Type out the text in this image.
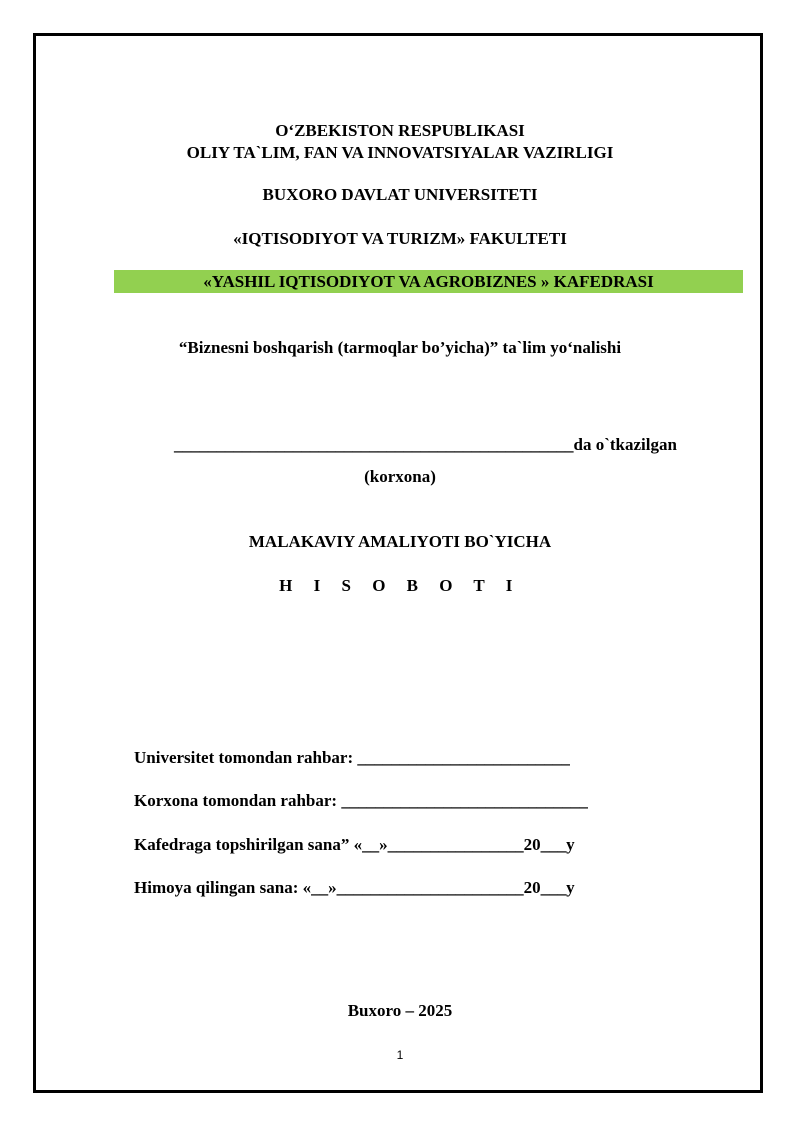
O‘ZBEKISTON RESPUBLIKASI
OLIY TA`LIM, FAN VA INNOVATSIYALAR VAZIRLIGI
BUXORO DAVLAT UNIVERSITETI
«IQTISODIYOT VA TURIZM» FAKULTETI
«YASHIL IQTISODIYOT VA AGROBIZNES » KAFEDRASI
“Biznesni boshqarish (tarmoqlar bo’yicha)” ta`lim yo‘nalishi
_______________________________________________da o`tkazilgan
(korxona)
MALAKAVIY AMALIYOTI BO`YICHA
H I S O B O T I
Universitet tomondan rahbar: _________________________
Korxona tomondan rahbar: _____________________________
Kafedraga topshirilgan sana” «__»________________20___y
Himoya qilingan sana: «__»______________________20___y
Buxoro – 2025
1
